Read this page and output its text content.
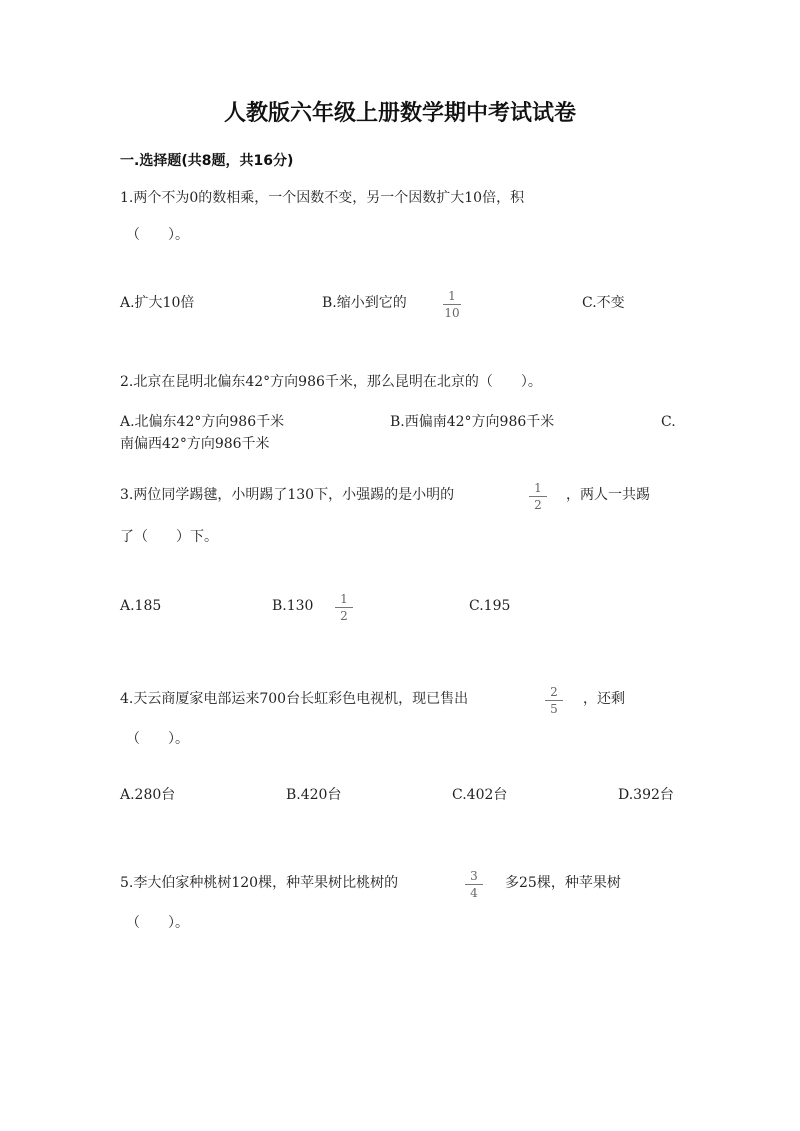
人教版六年级上册数学期中考试试卷
一.选择题(共8题，共16分)
1.两个不为0的数相乘，一个因数不变，另一个因数扩大10倍，积
（　　）。
A.扩大10倍	B.缩小到它的	1
10
C.不变
2.北京在昆明北偏东42°方向986千米，那么昆明在北京的（　　）。
A.北偏东42°方向986千米	B.西偏南42°方向986千米	C.
南偏西42°方向986千米
3.两位同学踢毽，小明踢了130下，小强踢的是小明的	1
2
，两人一共踢
了（　　）下。
A.185	B.130	1
2
C.195
4.天云商厦家电部运来700台长虹彩色电视机，现已售出	2
5
，还剩
（　　）。
A.280台	B.420台	C.402台	D.392台
5.李大伯家种桃树120棵，种苹果树比桃树的	3
4
多25棵，种苹果树
（　　）。
